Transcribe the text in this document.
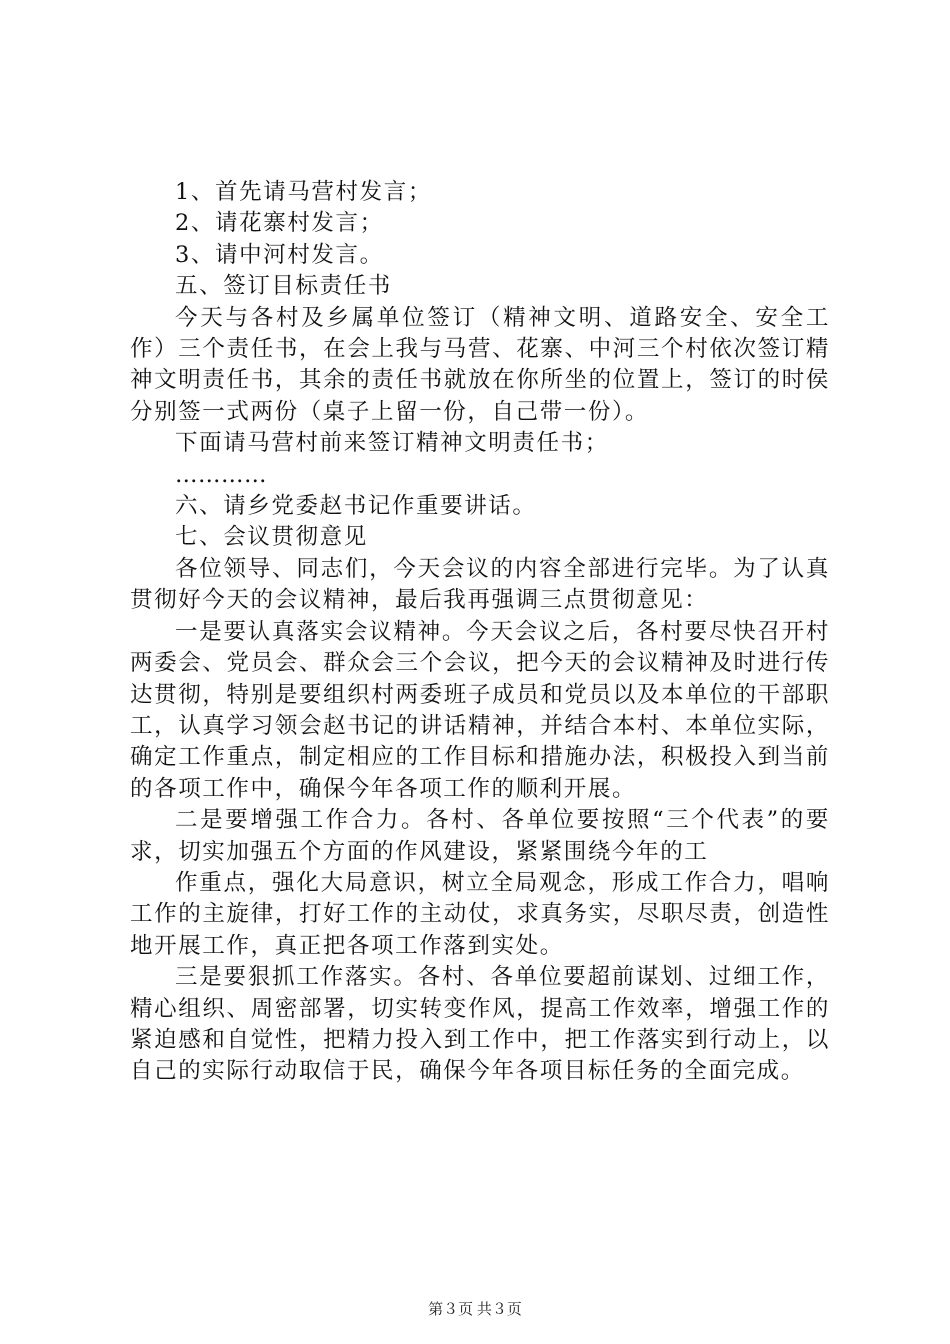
1、首先请马营村发言；

2、请花寨村发言；

3、请中河村发言。

五、签订目标责任书

今天与各村及乡属单位签订（精神文明、道路安全、安全工作）三个责任书，在会上我与马营、花寨、中河三个村依次签订精神文明责任书，其余的责任书就放在你所坐的位置上，签订的时侯分别签一式两份（桌子上留一份，自己带一份）。

下面请马营村前来签订精神文明责任书；

…………

六、请乡党委赵书记作重要讲话。

七、会议贯彻意见

各位领导、同志们，今天会议的内容全部进行完毕。为了认真贯彻好今天的会议精神，最后我再强调三点贯彻意见：

一是要认真落实会议精神。今天会议之后，各村要尽快召开村两委会、党员会、群众会三个会议，把今天的会议精神及时进行传达贯彻，特别是要组织村两委班子成员和党员以及本单位的干部职工，认真学习领会赵书记的讲话精神，并结合本村、本单位实际，确定工作重点，制定相应的工作目标和措施办法，积极投入到当前的各项工作中，确保今年各项工作的顺利开展。

二是要增强工作合力。各村、各单位要按照“三个代表”的要求，切实加强五个方面的作风建设，紧紧围绕今年的工

作重点，强化大局意识，树立全局观念，形成工作合力，唱响工作的主旋律，打好工作的主动仗，求真务实，尽职尽责，创造性地开展工作，真正把各项工作落到实处。

三是要狠抓工作落实。各村、各单位要超前谋划、过细工作，精心组织、周密部署，切实转变作风，提高工作效率，增强工作的紧迫感和自觉性，把精力投入到工作中，把工作落实到行动上，以自己的实际行动取信于民，确保今年各项目标任务的全面完成。

第３页 共３页
